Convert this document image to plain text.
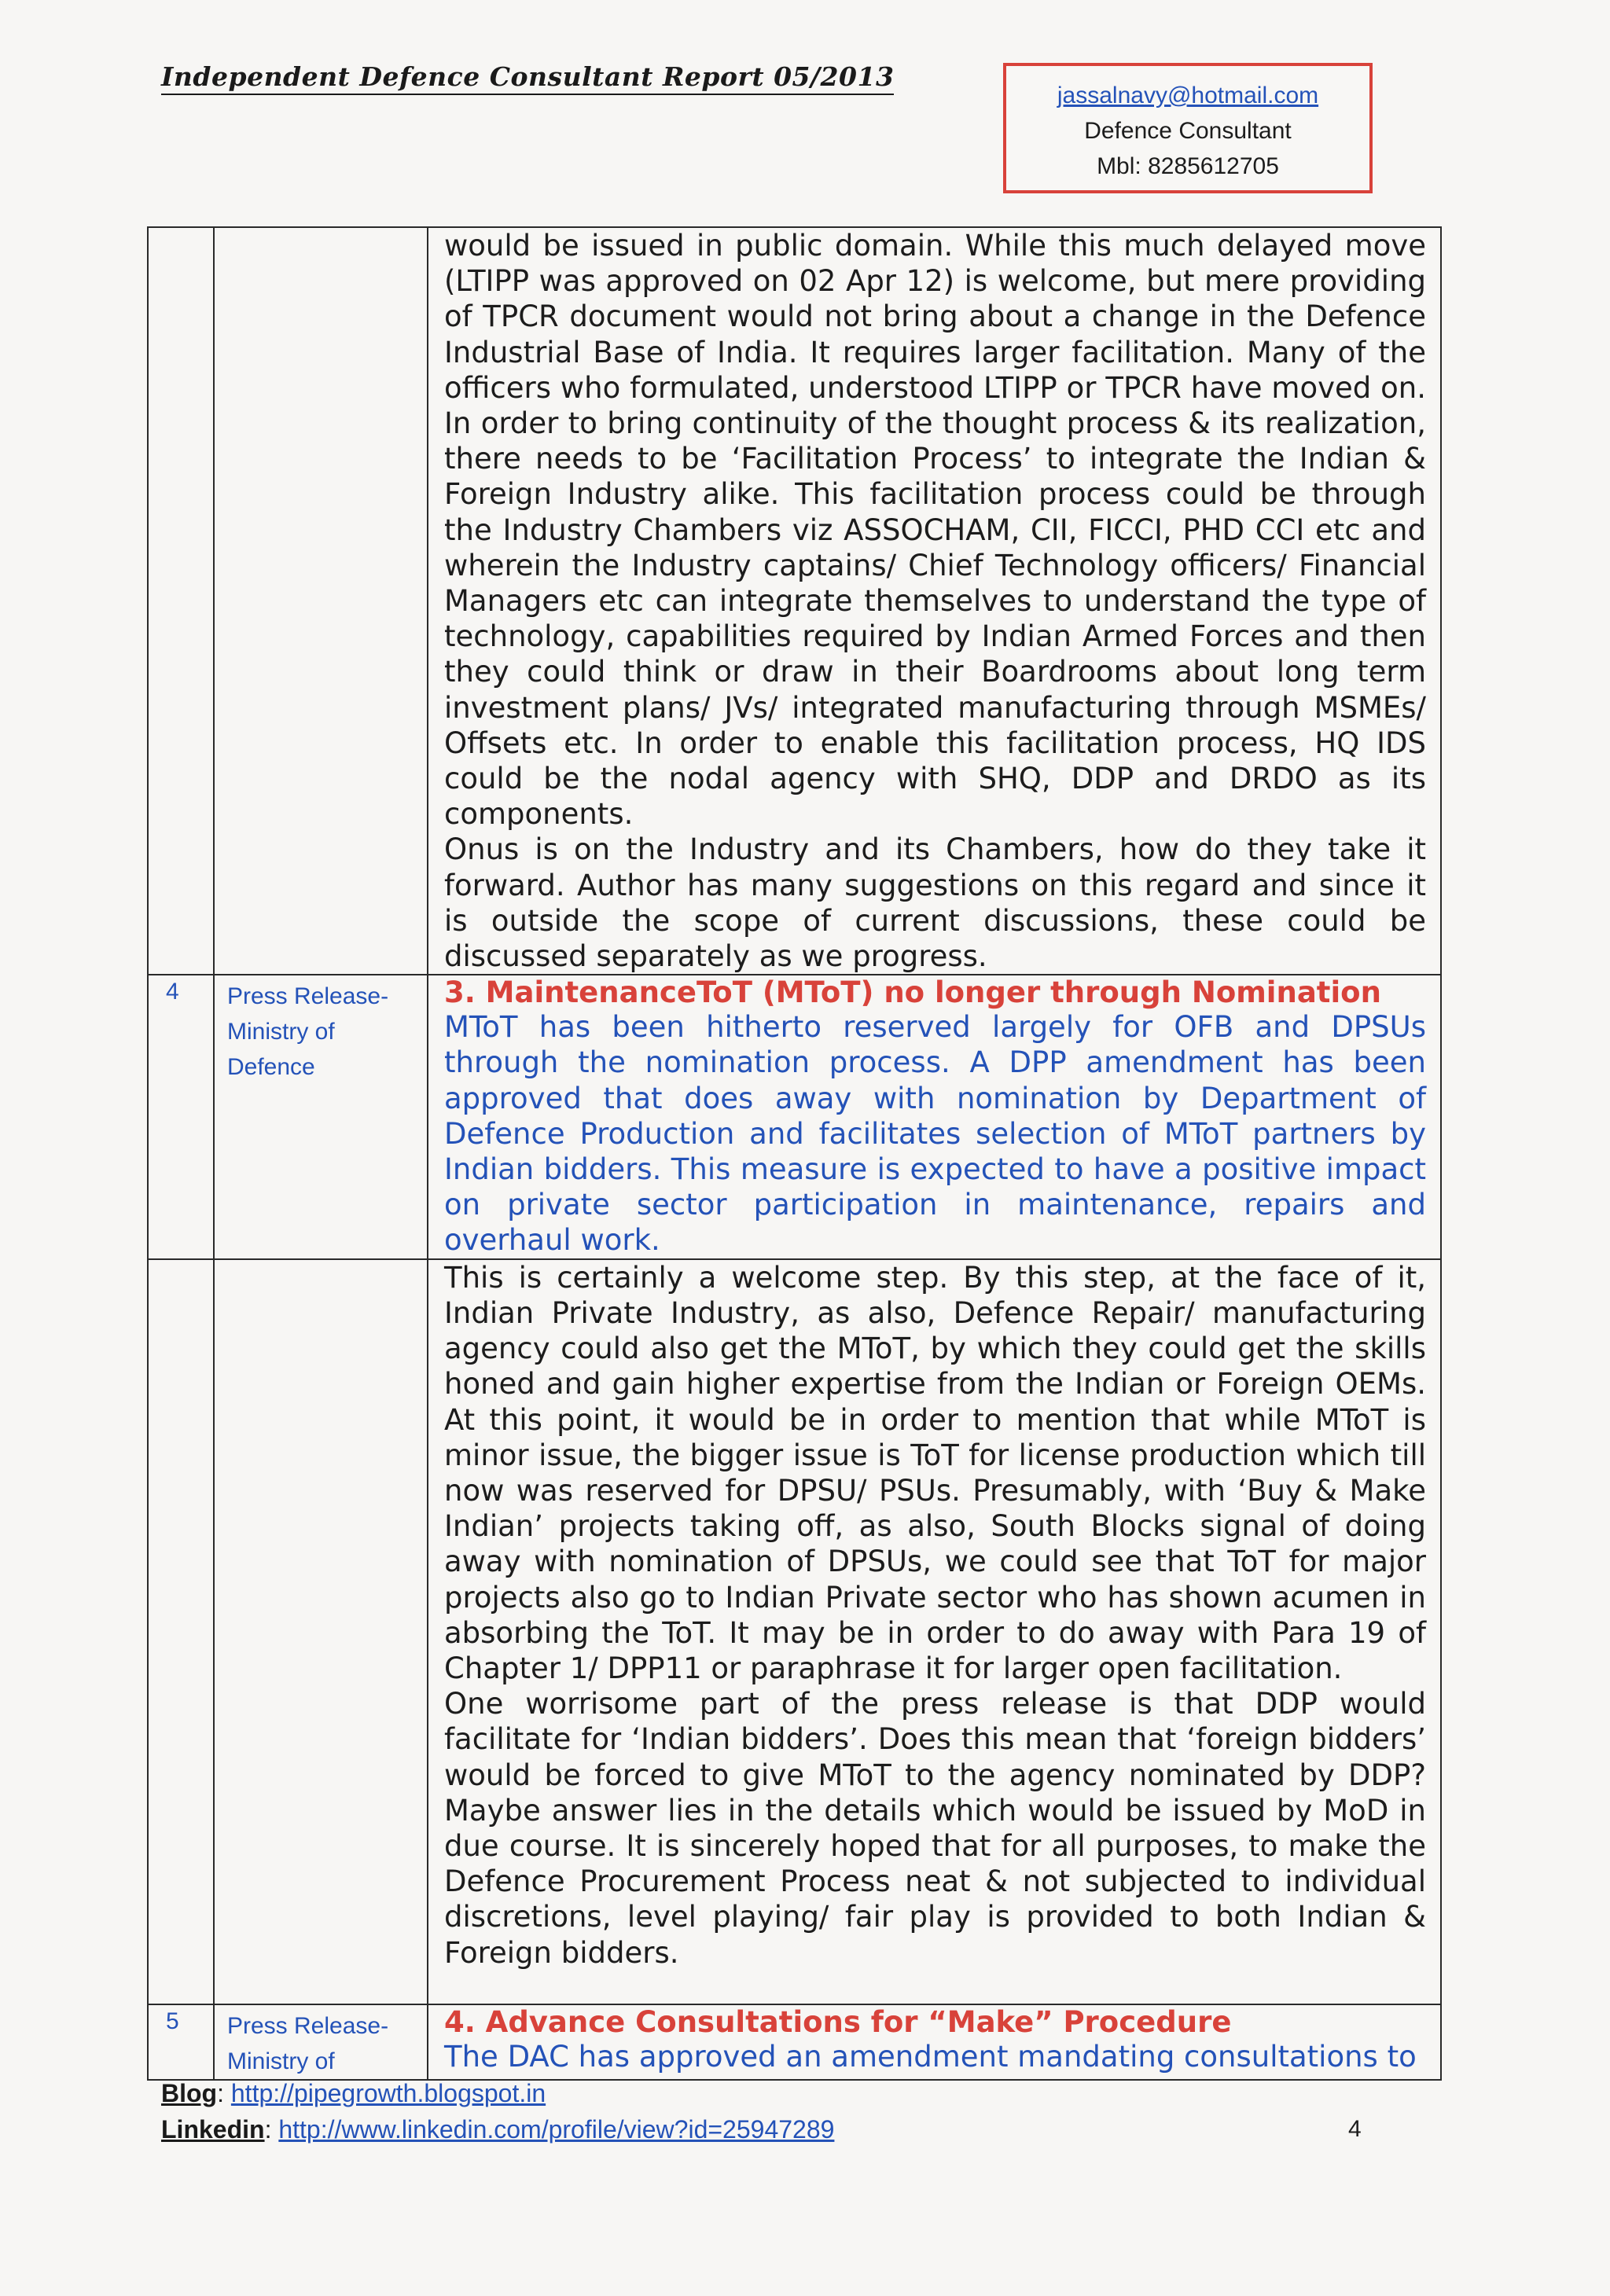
Independent Defence Consultant Report 05/2013
jassalnavy@hotmail.com
Defence Consultant
Mbl: 8285612705

		would be issued in public domain. While this much delayed move (LTIPP was approved on 02 Apr 12) is welcome, but mere providing of TPCR document would not bring about a change in the Defence Industrial Base of India. It requires larger facilitation. Many of the officers who formulated, understood LTIPP or TPCR have moved on. In order to bring continuity of the thought process & its realization, there needs to be ‘Facilitation Process’ to integrate the Indian & Foreign Industry alike. This facilitation process could be through the Industry Chambers viz ASSOCHAM, CII, FICCI, PHD CCI etc and wherein the Industry captains/ Chief Technology officers/ Financial Managers etc can integrate themselves to understand the type of technology, capabilities required by Indian Armed Forces and then they could think or draw in their Boardrooms about long term investment plans/ JVs/ integrated manufacturing through MSMEs/ Offsets etc. In order to enable this facilitation process, HQ IDS could be the nodal agency with SHQ, DDP and DRDO as its components.

Onus is on the Industry and its Chambers, how do they take it forward. Author has many suggestions on this regard and since it is outside the scope of current discussions, these could be discussed separately as we progress.

4	Press Release- Ministry of Defence	3. MaintenanceToT (MToT) no longer through Nomination

MToT has been hitherto reserved largely for OFB and DPSUs through the nomination process. A DPP amendment has been approved that does away with nomination by Department of Defence Production and facilitates selection of MToT partners by Indian bidders. This measure is expected to have a positive impact on private sector participation in maintenance, repairs and overhaul work.

		This is certainly a welcome step. By this step, at the face of it, Indian Private Industry, as also, Defence Repair/ manufacturing agency could also get the MToT, by which they could get the skills honed and gain higher expertise from the Indian or Foreign OEMs. At this point, it would be in order to mention that while MToT is minor issue, the bigger issue is ToT for license production which till now was reserved for DPSU/ PSUs. Presumably, with ‘Buy & Make Indian’ projects taking off, as also, South Blocks signal of doing away with nomination of DPSUs, we could see that ToT for major projects also go to Indian Private sector who has shown acumen in absorbing the ToT. It may be in order to do away with Para 19 of Chapter 1/ DPP11 or paraphrase it for larger open facilitation.

One worrisome part of the press release is that DDP would facilitate for ‘Indian bidders’. Does this mean that ‘foreign bidders’ would be forced to give MToT to the agency nominated by DDP? Maybe answer lies in the details which would be issued by MoD in due course. It is sincerely hoped that for all purposes, to make the Defence Procurement Process neat & not subjected to individual discretions, level playing/ fair play is provided to both Indian & Foreign bidders.

5	Press Release- Ministry of	4. Advance Consultations for “Make” Procedure

The DAC has approved an amendment mandating consultations to

Blog: http://pipegrowth.blogspot.in
Linkedin: http://www.linkedin.com/profile/view?id=25947289	4
